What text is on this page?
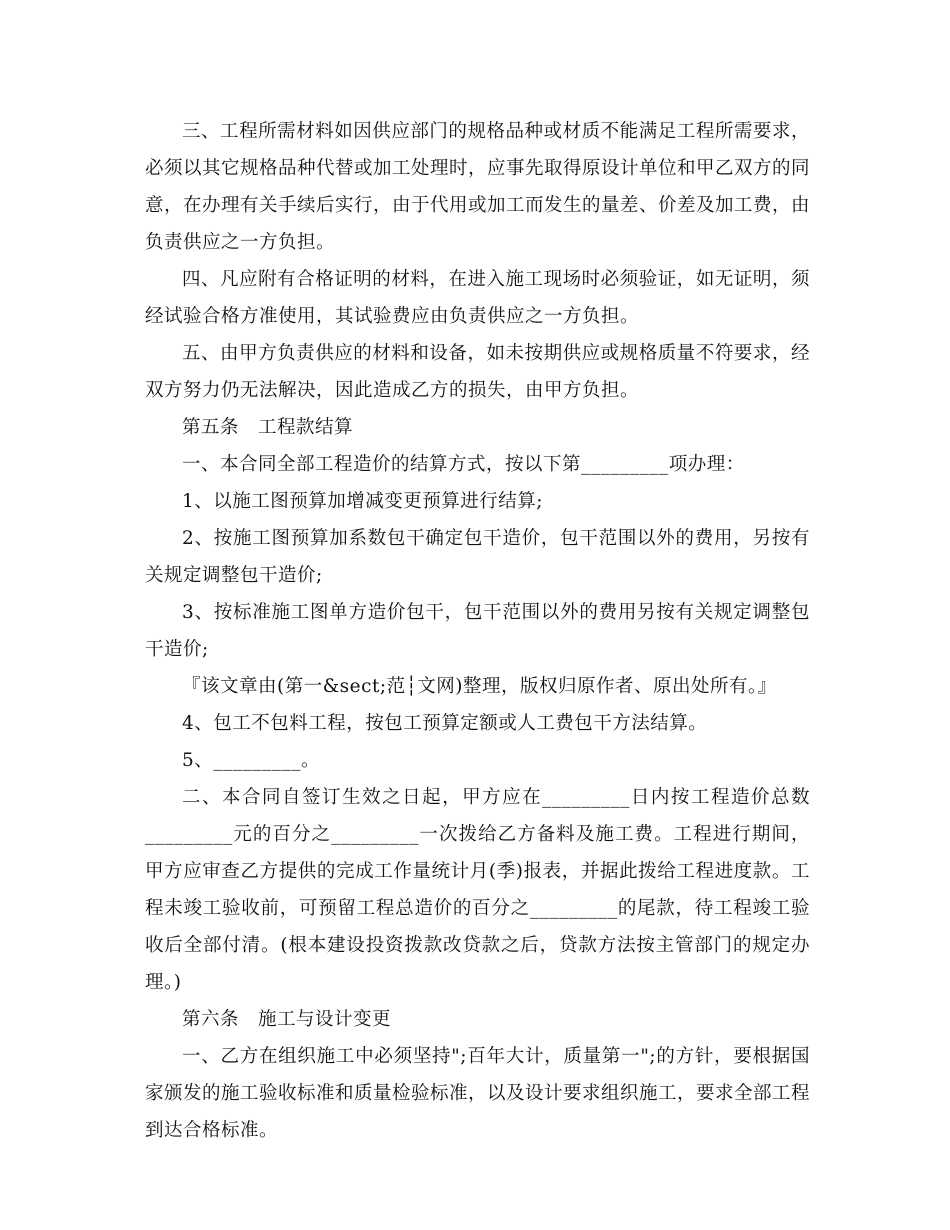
三、工程所需材料如因供应部门的规格品种或材质不能满足工程所需要求，必须以其它规格品种代替或加工处理时，应事先取得原设计单位和甲乙双方的同意，在办理有关手续后实行，由于代用或加工而发生的量差、价差及加工费，由负责供应之一方负担。

四、凡应附有合格证明的材料，在进入施工现场时必须验证，如无证明，须经试验合格方准使用，其试验费应由负责供应之一方负担。

五、由甲方负责供应的材料和设备，如未按期供应或规格质量不符要求，经双方努力仍无法解决，因此造成乙方的损失，由甲方负担。

第五条　工程款结算

一、本合同全部工程造价的结算方式，按以下第_________项办理：

1、以施工图预算加增减变更预算进行结算;

2、按施工图预算加系数包干确定包干造价，包干范围以外的费用，另按有关规定调整包干造价;

3、按标准施工图单方造价包干，包干范围以外的费用另按有关规定调整包干造价;

『该文章由(第一&sect;范┆文网)整理，版权归原作者、原出处所有。』

4、包工不包料工程，按包工预算定额或人工费包干方法结算。

5、_________。

二、本合同自签订生效之日起，甲方应在_________日内按工程造价总数_________元的百分之_________一次拨给乙方备料及施工费。工程进行期间，甲方应审查乙方提供的完成工作量统计月(季)报表，并据此拨给工程进度款。工程未竣工验收前，可预留工程总造价的百分之_________的尾款，待工程竣工验收后全部付清。(根本建设投资拨款改贷款之后，贷款方法按主管部门的规定办理。)

第六条　施工与设计变更

一、乙方在组织施工中必须坚持";百年大计，质量第一";的方针，要根据国家颁发的施工验收标准和质量检验标准，以及设计要求组织施工，要求全部工程到达合格标准。
